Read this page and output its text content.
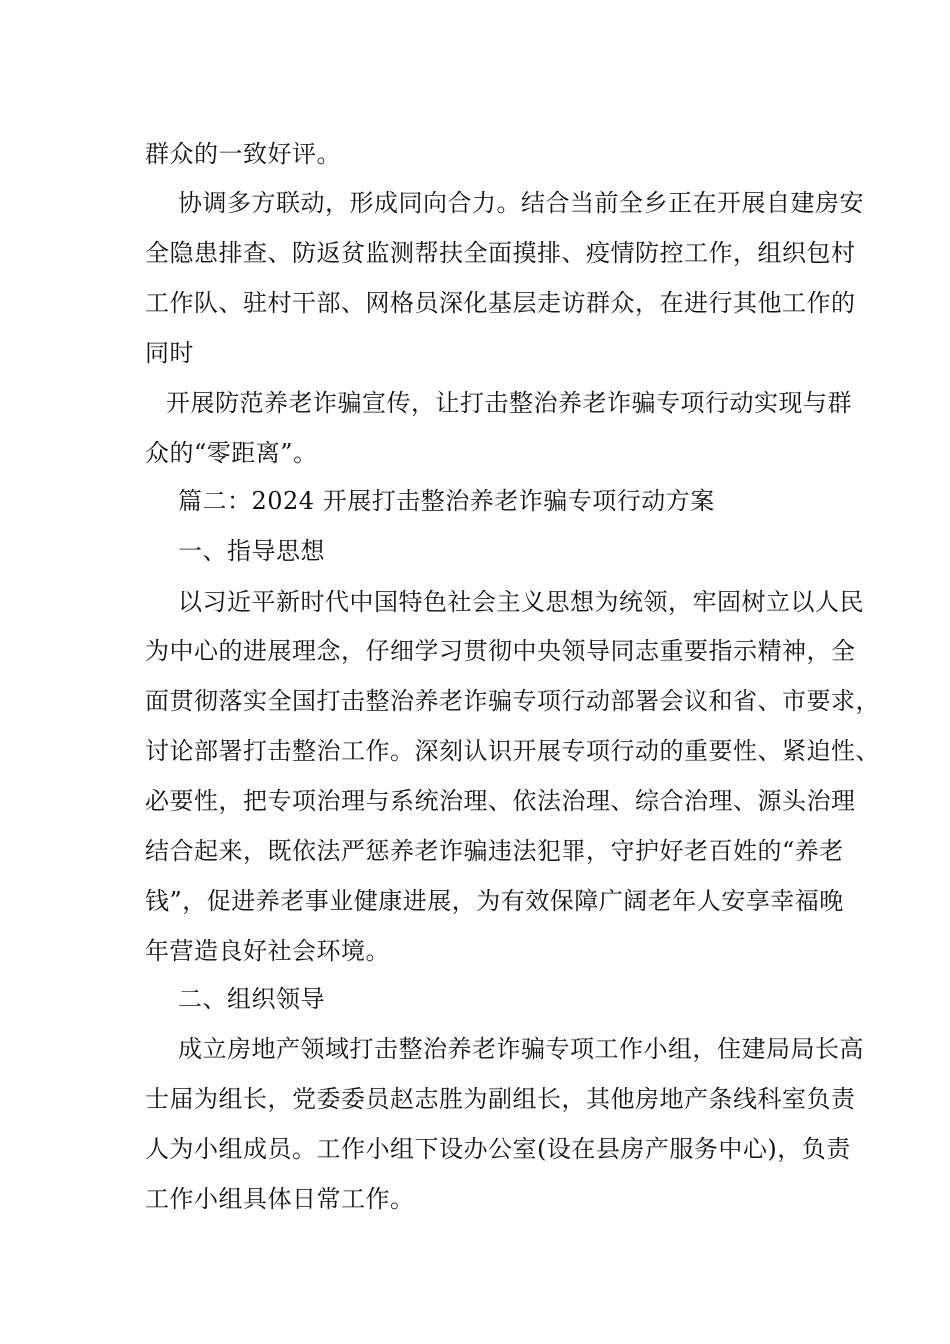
群众的一致好评。
协调多方联动，形成同向合力。结合当前全乡正在开展自建房安
全隐患排查、防返贫监测帮扶全面摸排、疫情防控工作，组织包村
工作队、驻村干部、网格员深化基层走访群众，在进行其他工作的
同时
开展防范养老诈骗宣传，让打击整治养老诈骗专项行动实现与群
众的“零距离”。
篇二：2024 开展打击整治养老诈骗专项行动方案
一、指导思想
以习近平新时代中国特色社会主义思想为统领，牢固树立以人民
为中心的进展理念，仔细学习贯彻中央领导同志重要指示精神，全
面贯彻落实全国打击整治养老诈骗专项行动部署会议和省、市要求，
讨论部署打击整治工作。深刻认识开展专项行动的重要性、紧迫性、
必要性，把专项治理与系统治理、依法治理、综合治理、源头治理
结合起来，既依法严惩养老诈骗违法犯罪，守护好老百姓的“养老
钱”，促进养老事业健康进展，为有效保障广阔老年人安享幸福晚
年营造良好社会环境。
二、组织领导
成立房地产领域打击整治养老诈骗专项工作小组，住建局局长高
士届为组长，党委委员赵志胜为副组长，其他房地产条线科室负责
人为小组成员。工作小组下设办公室(设在县房产服务中心)，负责
工作小组具体日常工作。
